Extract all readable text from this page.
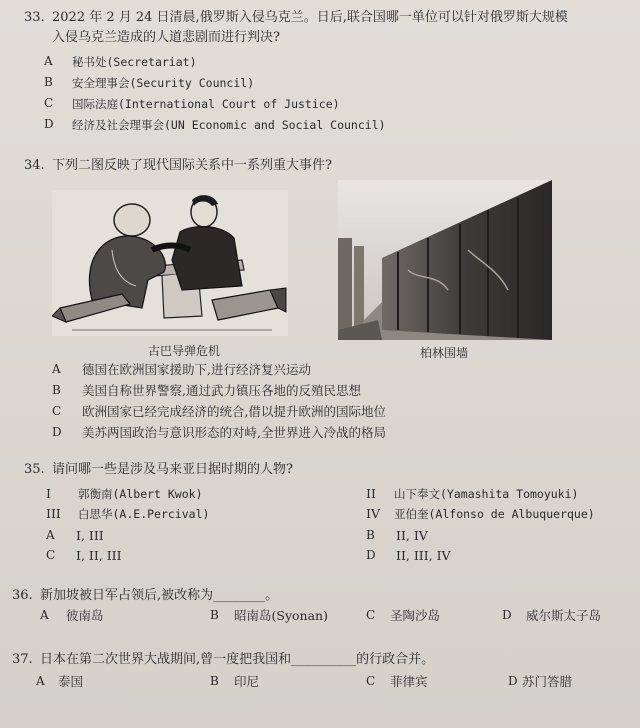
33. 2022 年 2 月 24 日清晨,俄罗斯入侵乌克兰。日后,联合国哪一单位可以针对俄罗斯大规模
入侵乌克兰造成的人道悲剧而进行判决?
A 秘书处(Secretariat)
B 安全理事会(Security Council)
C 国际法庭(International Court of Justice)
D 经济及社会理事会(UN Economic and Social Council)
34. 下列二图反映了现代国际关系中一系列重大事件?
古巴导弹危机	柏林围墙
A 德国在欧洲国家援助下,进行经济复兴运动
B 美国自称世界警察,通过武力镇压各地的反殖民思想
C 欧洲国家已经完成经济的统合,借以提升欧洲的国际地位
D 美苏两国政治与意识形态的对峙,全世界进入冷战的格局
35. 请问哪一些是涉及马来亚日据时期的人物?
I 郭衡南(Albert Kwok)	II 山下奉文(Yamashita Tomoyuki)
III 白思华(A.E.Percival)	IV 亚伯奎(Alfonso de Albuquerque)
A I, III	B II, IV
C I, II, III	D II, III, IV
36. 新加坡被日军占领后,被改称为________。
A 彼南岛	B 昭南岛(Syonan)	C 圣陶沙岛	D 威尔斯太子岛
37. 日本在第二次世界大战期间,曾一度把我国和__________的行政合并。
A 泰国	B 印尼	C 菲律宾	D 苏门答腊
